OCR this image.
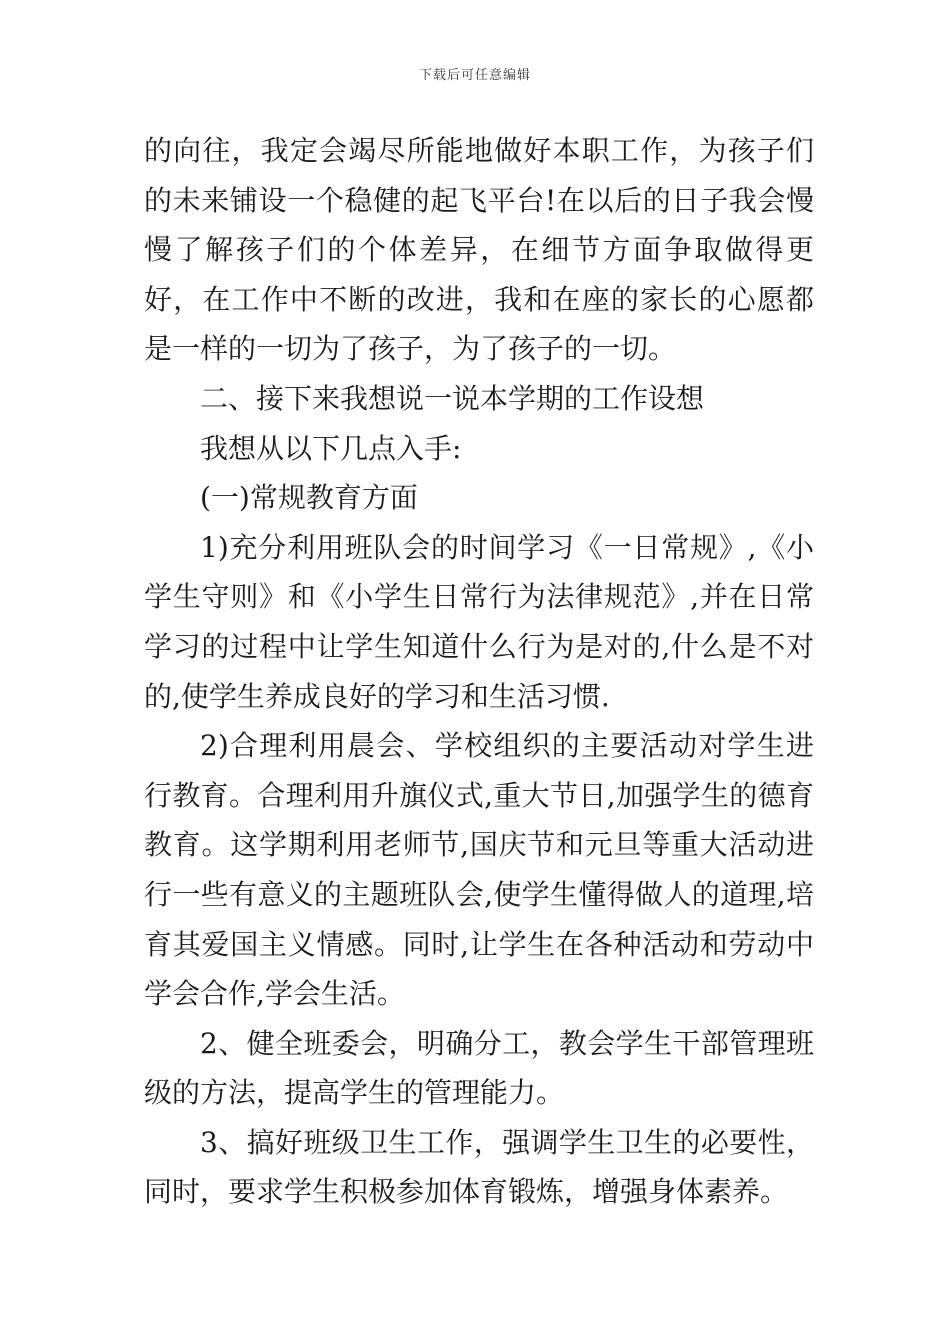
下载后可任意编辑

的向往，我定会竭尽所能地做好本职工作，为孩子们的未来铺设一个稳健的起飞平台!在以后的日子我会慢慢了解孩子们的个体差异，在细节方面争取做得更好，在工作中不断的改进，我和在座的家长的心愿都是一样的一切为了孩子，为了孩子的一切。

二、接下来我想说一说本学期的工作设想

我想从以下几点入手:

(一)常规教育方面

1)充分利用班队会的时间学习《一日常规》,《小学生守则》和《小学生日常行为法律规范》,并在日常学习的过程中让学生知道什么行为是对的,什么是不对的,使学生养成良好的学习和生活习惯.

2)合理利用晨会、学校组织的主要活动对学生进行教育。合理利用升旗仪式,重大节日,加强学生的德育教育。这学期利用老师节,国庆节和元旦等重大活动进行一些有意义的主题班队会,使学生懂得做人的道理,培育其爱国主义情感。同时,让学生在各种活动和劳动中学会合作,学会生活。

2、健全班委会，明确分工，教会学生干部管理班级的方法，提高学生的管理能力。

3、搞好班级卫生工作，强调学生卫生的必要性，同时，要求学生积极参加体育锻炼，增强身体素养。
